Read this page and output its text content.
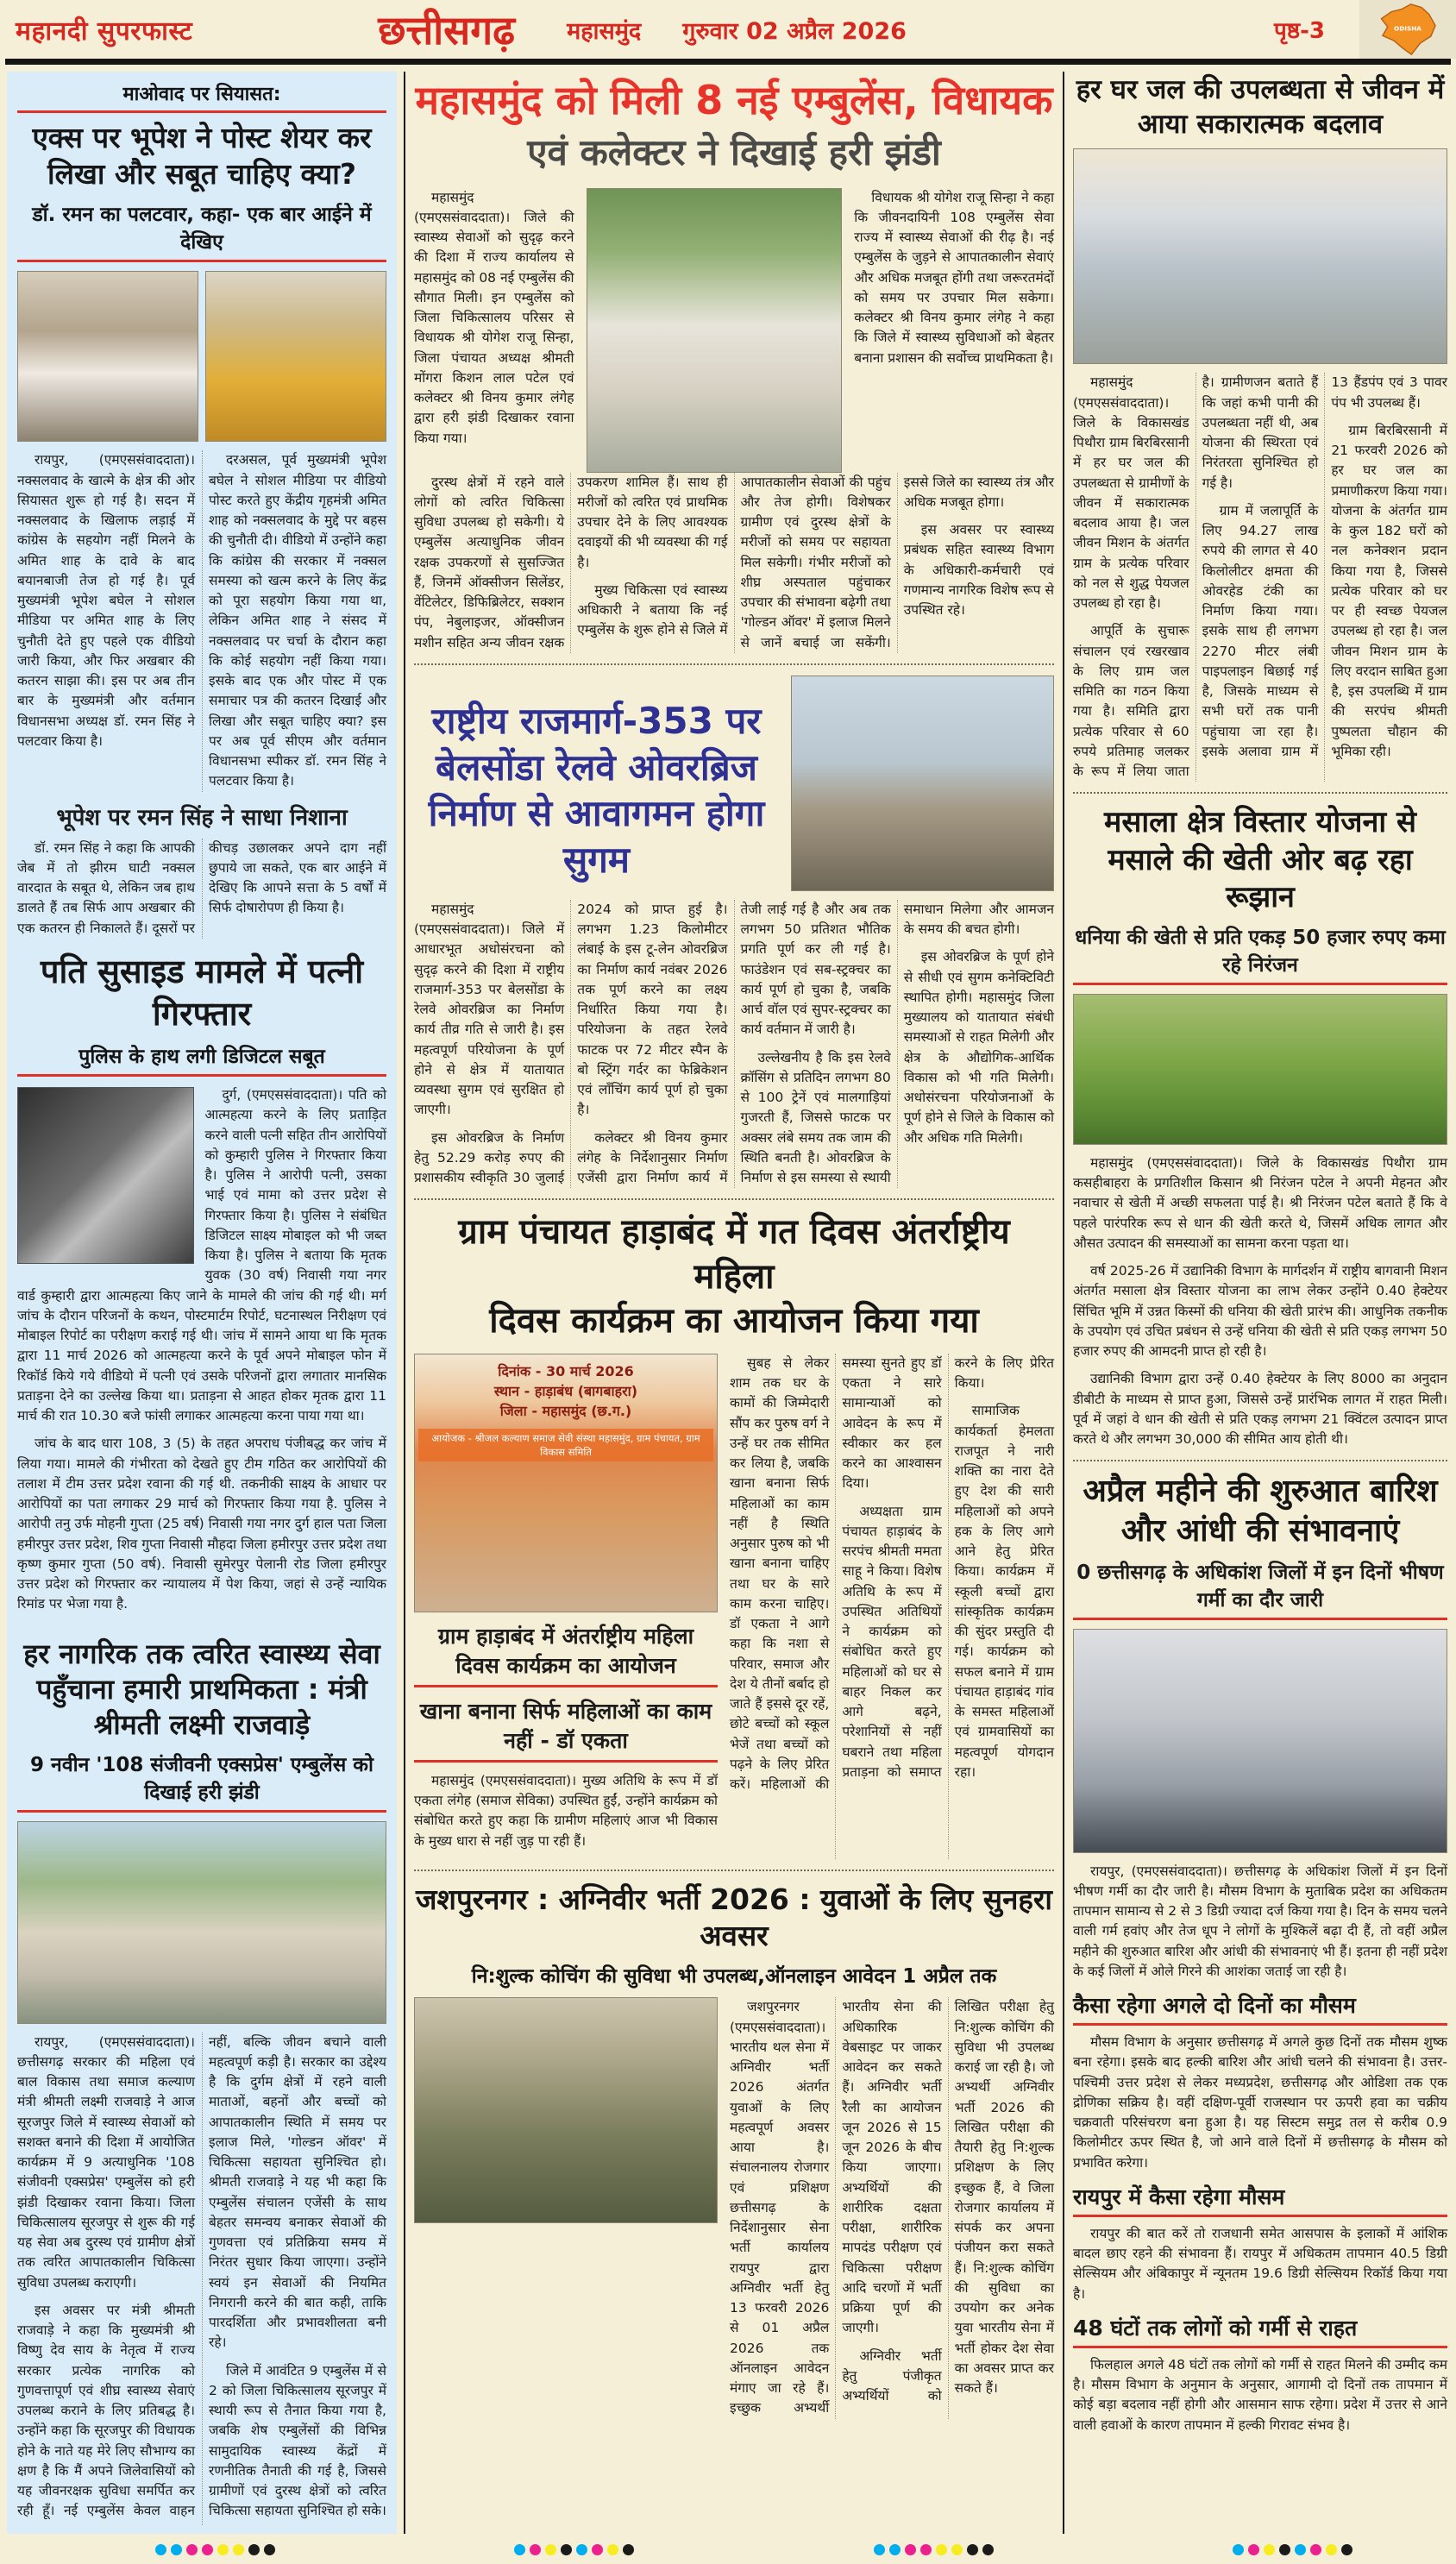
महानदी सुपरफास्ट	छत्तीसगढ़ महासमुंद गुरुवार 02 अप्रैल 2026	पृष्ठ-3	ODISHA
माओवाद पर सियासत:
एक्स पर भूपेश ने पोस्ट शेयर कर लिखा और सबूत चाहिए क्या?
डॉ. रमन का पलटवार, कहा- एक बार आईने में देखिए

रायपुर, (एमएससंवाददाता)। नक्सलवाद के खात्मे के क्षेत्र की ओर सियासत शुरू हो गई है। सदन में नक्सलवाद के खिलाफ लड़ाई में कांग्रेस के सहयोग नहीं मिलने के अमित शाह के दावे के बाद बयानबाजी तेज हो गई है। पूर्व मुख्यमंत्री भूपेश बघेल ने सोशल मीडिया पर अमित शाह के लिए चुनौती देते हुए पहले एक वीडियो जारी किया, और फिर अखबार की कतरन साझा की। इस पर अब तीन बार के मुख्यमंत्री और वर्तमान विधानसभा अध्यक्ष डॉ. रमन सिंह ने पलटवार किया है।

दरअसल, पूर्व मुख्यमंत्री भूपेश बघेल ने सोशल मीडिया पर वीडियो पोस्ट करते हुए केंद्रीय गृहमंत्री अमित शाह को नक्सलवाद के मुद्दे पर बहस की चुनौती दी। वीडियो में उन्होंने कहा कि कांग्रेस की सरकार में नक्सल समस्या को खत्म करने के लिए केंद्र को पूरा सहयोग किया गया था, लेकिन अमित शाह ने संसद में नक्सलवाद पर चर्चा के दौरान कहा कि कोई सहयोग नहीं किया गया। इसके बाद एक और पोस्ट में एक समाचार पत्र की कतरन दिखाई और लिखा और सबूत चाहिए क्या? इस पर अब पूर्व सीएम और वर्तमान विधानसभा स्पीकर डॉ. रमन सिंह ने पलटवार किया है।

भूपेश पर रमन सिंह ने साधा निशाना

डॉ. रमन सिंह ने कहा कि आपकी जेब में तो झीरम घाटी नक्सल वारदात के सबूत थे, लेकिन जब हाथ डालते हैं तब सिर्फ आप अखबार की एक कतरन ही निकालते हैं। दूसरों पर कीचड़ उछालकर अपने दाग नहीं छुपाये जा सकते, एक बार आईने में देखिए कि आपने सत्ता के 5 वर्षों में सिर्फ दोषारोपण ही किया है।

पति सुसाइड मामले में पत्नी गिरफ्तार
पुलिस के हाथ लगी डिजिटल सबूत

दुर्ग, (एमएससंवाददाता)। पति को आत्महत्या करने के लिए प्रताड़ित करने वाली पत्नी सहित तीन आरोपियों को कुम्हारी पुलिस ने गिरफ्तार किया है। पुलिस ने आरोपी पत्नी, उसका भाई एवं मामा को उत्तर प्रदेश से गिरफ्तार किया है। पुलिस ने संबंधित डिजिटल साक्ष्य मोबाइल को भी जब्त किया है। पुलिस ने बताया कि मृतक युवक (30 वर्ष) निवासी गया नगर वार्ड कुम्हारी द्वारा आत्महत्या किए जाने के मामले की जांच की गई थी। मर्ग जांच के दौरान परिजनों के कथन, पोस्टमार्टम रिपोर्ट, घटनास्थल निरीक्षण एवं मोबाइल रिपोर्ट का परीक्षण कराई गई थी। जांच में सामने आया था कि मृतक द्वारा 11 मार्च 2026 को आत्महत्या करने के पूर्व अपने मोबाइल फोन में रिकॉर्ड किये गये वीडियो में पत्नी एवं उसके परिजनों द्वारा लगातार मानसिक प्रताड़ना देने का उल्लेख किया था। प्रताड़ना से आहत होकर मृतक द्वारा 11 मार्च की रात 10.30 बजे फांसी लगाकर आत्महत्या करना पाया गया था।

जांच के बाद धारा 108, 3 (5) के तहत अपराध पंजीबद्ध कर जांच में लिया गया। मामले की गंभीरता को देखते हुए टीम गठित कर आरोपियों की तलाश में टीम उत्तर प्रदेश रवाना की गई थी. तकनीकी साक्ष्य के आधार पर आरोपियों का पता लगाकर 29 मार्च को गिरफ्तार किया गया है. पुलिस ने आरोपी तनु उर्फ मोहनी गुप्ता (25 वर्ष) निवासी गया नगर दुर्ग हाल पता जिला हमीरपुर उत्तर प्रदेश, शिव गुप्ता निवासी मौहदा जिला हमीरपुर उत्तर प्रदेश तथा कृष्ण कुमार गुप्ता (50 वर्ष). निवासी सुमेरपुर पेलानी रोड जिला हमीरपुर उत्तर प्रदेश को गिरफ्तार कर न्यायालय में पेश किया, जहां से उन्हें न्यायिक रिमांड पर भेजा गया है.

हर नागरिक तक त्वरित स्वास्थ्य सेवा पहुँचाना हमारी प्राथमिकता : मंत्री श्रीमती लक्ष्मी राजवाड़े
9 नवीन '108 संजीवनी एक्सप्रेस' एम्बुलेंस को दिखाई हरी झंडी

रायपुर, (एमएससंवाददाता)। छत्तीसगढ़ सरकार की महिला एवं बाल विकास तथा समाज कल्याण मंत्री श्रीमती लक्ष्मी राजवाड़े ने आज सूरजपुर जिले में स्वास्थ्य सेवाओं को सशक्त बनाने की दिशा में आयोजित कार्यक्रम में 9 अत्याधुनिक '108 संजीवनी एक्सप्रेस' एम्बुलेंस को हरी झंडी दिखाकर रवाना किया। जिला चिकित्सालय सूरजपुर से शुरू की गई यह सेवा अब दुरस्थ एवं ग्रामीण क्षेत्रों तक त्वरित आपातकालीन चिकित्सा सुविधा उपलब्ध कराएगी।

इस अवसर पर मंत्री श्रीमती राजवाड़े ने कहा कि मुख्यमंत्री श्री विष्णु देव साय के नेतृत्व में राज्य सरकार प्रत्येक नागरिक को गुणवत्तापूर्ण एवं शीघ्र स्वास्थ्य सेवाएं उपलब्ध कराने के लिए प्रतिबद्ध है। उन्होंने कहा कि सूरजपुर की विधायक होने के नाते यह मेरे लिए सौभाग्य का क्षण है कि मैं अपने जिलेवासियों को यह जीवनरक्षक सुविधा समर्पित कर रही हूँ। नई एम्बुलेंस केवल वाहन नहीं, बल्कि जीवन बचाने वाली महत्वपूर्ण कड़ी है। सरकार का उद्देश्य है कि दुर्गम क्षेत्रों में रहने वाली माताओं, बहनों और बच्चों को आपातकालीन स्थिति में समय पर इलाज मिले, 'गोल्डन ऑवर' में चिकित्सा सहायता सुनिश्चित हो। श्रीमती राजवाड़े ने यह भी कहा कि एम्बुलेंस संचालन एजेंसी के साथ बेहतर समन्वय बनाकर सेवाओं की गुणवत्ता एवं प्रतिक्रिया समय में निरंतर सुधार किया जाएगा। उन्होंने स्वयं इन सेवाओं की नियमित निगरानी करने की बात कही, ताकि पारदर्शिता और प्रभावशीलता बनी रहे।

जिले में आवंटित 9 एम्बुलेंस में से 2 को जिला चिकित्सालय सूरजपुर में स्थायी रूप से तैनात किया गया है, जबकि शेष एम्बुलेंसों की विभिन्न सामुदायिक स्वास्थ्य केंद्रों में रणनीतिक तैनाती की गई है, जिससे ग्रामीणों एवं दुरस्थ क्षेत्रों को त्वरित चिकित्सा सहायता सुनिश्चित हो सके।

महासमुंद को मिली 8 नई एम्बुलेंस, विधायक
एवं कलेक्टर ने दिखाई हरी झंडी

महासमुंद (एमएससंवाददाता)। जिले की स्वास्थ्य सेवाओं को सुदृढ़ करने की दिशा में राज्य कार्यालय से महासमुंद को 08 नई एम्बुलेंस की सौगात मिली। इन एम्बुलेंस को जिला चिकित्सालय परिसर से विधायक श्री योगेश राजू सिन्हा, जिला पंचायत अध्यक्ष श्रीमती मोंगरा किशन लाल पटेल एवं कलेक्टर श्री विनय कुमार लंगेह द्वारा हरी झंडी दिखाकर रवाना किया गया।

विधायक श्री योगेश राजू सिन्हा ने कहा कि जीवनदायिनी 108 एम्बुलेंस सेवा राज्य में स्वास्थ्य सेवाओं की रीढ़ है। नई एम्बुलेंस के जुड़ने से आपातकालीन सेवाएं और अधिक मजबूत होंगी तथा जरूरतमंदों को समय पर उपचार मिल सकेगा। कलेक्टर श्री विनय कुमार लंगेह ने कहा कि जिले में स्वास्थ्य सुविधाओं को बेहतर बनाना प्रशासन की सर्वोच्च प्राथमिकता है।

दुरस्थ क्षेत्रों में रहने वाले लोगों को त्वरित चिकित्सा सुविधा उपलब्ध हो सकेगी। ये एम्बुलेंस अत्याधुनिक जीवन रक्षक उपकरणों से सुसज्जित हैं, जिनमें ऑक्सीजन सिलेंडर, वेंटिलेटर, डिफिब्रिलेटर, सक्शन पंप, नेबुलाइजर, ऑक्सीजन मशीन सहित अन्य जीवन रक्षक उपकरण शामिल हैं। साथ ही मरीजों को त्वरित एवं प्राथमिक उपचार देने के लिए आवश्यक दवाइयों की भी व्यवस्था की गई है।

मुख्य चिकित्सा एवं स्वास्थ्य अधिकारी ने बताया कि नई एम्बुलेंस के शुरू होने से जिले में आपातकालीन सेवाओं की पहुंच और तेज होगी। विशेषकर ग्रामीण एवं दुरस्थ क्षेत्रों के मरीजों को समय पर सहायता मिल सकेगी। गंभीर मरीजों को शीघ्र अस्पताल पहुंचाकर उपचार की संभावना बढ़ेगी तथा 'गोल्डन ऑवर' में इलाज मिलने से जानें बचाई जा सकेंगी। इससे जिले का स्वास्थ्य तंत्र और अधिक मजबूत होगा।

इस अवसर पर स्वास्थ्य प्रबंधक सहित स्वास्थ्य विभाग के अधिकारी-कर्मचारी एवं गणमान्य नागरिक विशेष रूप से उपस्थित रहे।

राष्ट्रीय राजमार्ग-353 पर बेलसोंडा रेलवे ओवरब्रिज
निर्माण से आवागमन होगा सुगम

महासमुंद (एमएससंवाददाता)। जिले में आधारभूत अधोसंरचना को सुदृढ़ करने की दिशा में राष्ट्रीय राजमार्ग-353 पर बेलसोंडा के रेलवे ओवरब्रिज का निर्माण कार्य तीव्र गति से जारी है। इस महत्वपूर्ण परियोजना के पूर्ण होने से क्षेत्र में यातायात व्यवस्था सुगम एवं सुरक्षित हो जाएगी।

इस ओवरब्रिज के निर्माण हेतु 52.29 करोड़ रुपए की प्रशासकीय स्वीकृति 30 जुलाई 2024 को प्राप्त हुई है। लगभग 1.23 किलोमीटर लंबाई के इस टू-लेन ओवरब्रिज का निर्माण कार्य नवंबर 2026 तक पूर्ण करने का लक्ष्य निर्धारित किया गया है। परियोजना के तहत रेलवे फाटक पर 72 मीटर स्पैन के बो स्ट्रिंग गर्दर का फेब्रिकेशन एवं लाँचिंग कार्य पूर्ण हो चुका है।

कलेक्टर श्री विनय कुमार लंगेह के निर्देशानुसार निर्माण एजेंसी द्वारा निर्माण कार्य में तेजी लाई गई है और अब तक लगभग 50 प्रतिशत भौतिक प्रगति पूर्ण कर ली गई है। फाउंडेशन एवं सब-स्ट्रक्चर का कार्य पूर्ण हो चुका है, जबकि आर्च वॉल एवं सुपर-स्ट्रक्चर का कार्य वर्तमान में जारी है।

उल्लेखनीय है कि इस रेलवे क्रॉसिंग से प्रतिदिन लगभग 80 से 100 ट्रेनें एवं मालगाड़ियां गुजरती हैं, जिससे फाटक पर अक्सर लंबे समय तक जाम की स्थिति बनती है। ओवरब्रिज के निर्माण से इस समस्या से स्थायी समाधान मिलेगा और आमजन के समय की बचत होगी।

इस ओवरब्रिज के पूर्ण होने से सीधी एवं सुगम कनेक्टिविटी स्थापित होगी। महासमुंद जिला मुख्यालय को यातायात संबंधी समस्याओं से राहत मिलेगी और क्षेत्र के औद्योगिक-आर्थिक विकास को भी गति मिलेगी। अधोसंरचना परियोजनाओं के पूर्ण होने से जिले के विकास को और अधिक गति मिलेगी।

ग्राम पंचायत हाड़ाबंद में गत दिवस अंतर्राष्ट्रीय महिला
दिवस कार्यक्रम का आयोजन किया गया
दिनांक - 30 मार्च 2026
स्थान - हाड़ाबंध (बागबाहरा)
जिला - महासमुंद (छ.ग.)
आयोजक - श्रीजल कल्याण समाज सेवी संस्था महासमुंद, ग्राम पंचायत, ग्राम विकास समिति
ग्राम हाड़ाबंद में अंतर्राष्ट्रीय महिला दिवस कार्यक्रम का आयोजन
खाना बनाना सिर्फ महिलाओं का काम नहीं - डॉ एकता

महासमुंद (एमएससंवाददाता)। मुख्य अतिथि के रूप में डॉ एकता लंगेह (समाज सेविका) उपस्थित हुईं, उन्होंने कार्यक्रम को संबोधित करते हुए कहा कि ग्रामीण महिलाएं आज भी विकास के मुख्य धारा से नहीं जुड़ पा रही हैं।

सुबह से लेकर शाम तक घर के कामों की जिम्मेदारी सौंप कर पुरुष वर्ग ने उन्हें घर तक सीमित कर लिया है, जबकि खाना बनाना सिर्फ महिलाओं का काम नहीं है स्थिति अनुसार पुरुष को भी खाना बनाना चाहिए तथा घर के सारे काम करना चाहिए। डॉ एकता ने आगे कहा कि नशा से परिवार, समाज और देश ये तीनों बर्बाद हो जाते हैं इससे दूर रहें, छोटे बच्चों को स्कूल भेजें तथा बच्चों को पढ़ने के लिए प्रेरित करें। महिलाओं की समस्या सुनते हुए डॉ एकता ने सारे सामान्याओं को आवेदन के रूप में स्वीकार कर हल करने का आश्वासन दिया।

अध्यक्षता ग्राम पंचायत हाड़ाबंद के सरपंच श्रीमती ममता साहू ने किया। विशेष अतिथि के रूप में उपस्थित अतिथियों ने कार्यक्रम को संबोधित करते हुए महिलाओं को घर से बाहर निकल कर आगे बढ़ने, परेशानियों से नहीं घबराने तथा महिला प्रताड़ना को समाप्त करने के लिए प्रेरित किया।

सामाजिक कार्यकर्ता हेमलता राजपूत ने नारी शक्ति का नारा देते हुए देश की सारी महिलाओं को अपने हक के लिए आगे आने हेतु प्रेरित किया। कार्यक्रम में स्कूली बच्चों द्वारा सांस्कृतिक कार्यक्रम की सुंदर प्रस्तुति दी गई। कार्यक्रम को सफल बनाने में ग्राम पंचायत हाड़ाबंद गांव के समस्त महिलाओं एवं ग्रामवासियों का महत्वपूर्ण योगदान रहा।

जशपुरनगर : अग्निवीर भर्ती 2026 : युवाओं के लिए सुनहरा अवसर
नि:शुल्क कोचिंग की सुविधा भी उपलब्ध,ऑनलाइन आवेदन 1 अप्रैल तक

जशपुरनगर (एमएससंवाददाता)। भारतीय थल सेना में अग्निवीर भर्ती 2026 अंतर्गत युवाओं के लिए महत्वपूर्ण अवसर आया है। संचालनालय रोजगार एवं प्रशिक्षण छत्तीसगढ़ के निर्देशानुसार सेना भर्ती कार्यालय रायपुर द्वारा अग्निवीर भर्ती हेतु 13 फरवरी 2026 से 01 अप्रैल 2026 तक ऑनलाइन आवेदन मंगाए जा रहे हैं। इच्छुक अभ्यर्थी भारतीय सेना की अधिकारिक वेबसाइट पर जाकर आवेदन कर सकते हैं। अग्निवीर भर्ती रैली का आयोजन जून 2026 से 15 जून 2026 के बीच किया जाएगा। अभ्यर्थियों की शारीरिक दक्षता परीक्षा, शारीरिक मापदंड परीक्षण एवं चिकित्सा परीक्षण आदि चरणों में भर्ती प्रक्रिया पूर्ण की जाएगी।

अग्निवीर भर्ती हेतु पंजीकृत अभ्यर्थियों को लिखित परीक्षा हेतु नि:शुल्क कोचिंग की सुविधा भी उपलब्ध कराई जा रही है। जो अभ्यर्थी अग्निवीर भर्ती 2026 की लिखित परीक्षा की तैयारी हेतु नि:शुल्क प्रशिक्षण के लिए इच्छुक हैं, वे जिला रोजगार कार्यालय में संपर्क कर अपना पंजीयन करा सकते हैं। नि:शुल्क कोचिंग की सुविधा का उपयोग कर अनेक युवा भारतीय सेना में भर्ती होकर देश सेवा का अवसर प्राप्त कर सकते हैं।

हर घर जल की उपलब्धता से जीवन में आया सकारात्मक बदलाव

महासमुंद (एमएससंवाददाता)। जिले के विकासखंड पिथौरा ग्राम बिरबिरसानी में हर घर जल की उपलब्धता से ग्रामीणों के जीवन में सकारात्मक बदलाव आया है। जल जीवन मिशन के अंतर्गत ग्राम के प्रत्येक परिवार को नल से शुद्ध पेयजल उपलब्ध हो रहा है।

आपूर्ति के सुचारू संचालन एवं रखरखाव के लिए ग्राम जल समिति का गठन किया गया है। समिति द्वारा प्रत्येक परिवार से 60 रुपये प्रतिमाह जलकर के रूप में लिया जाता है। ग्रामीणजन बताते हैं कि जहां कभी पानी की उपलब्धता नहीं थी, अब योजना की स्थिरता एवं निरंतरता सुनिश्चित हो गई है।

ग्राम में जलापूर्ति के लिए 94.27 लाख रुपये की लागत से 40 किलोलीटर क्षमता की ओवरहेड टंकी का निर्माण किया गया। इसके साथ ही लगभग 2270 मीटर लंबी पाइपलाइन बिछाई गई है, जिसके माध्यम से सभी घरों तक पानी पहुंचाया जा रहा है। इसके अलावा ग्राम में 13 हैंडपंप एवं 3 पावर पंप भी उपलब्ध हैं।

ग्राम बिरबिरसानी में 21 फरवरी 2026 को हर घर जल का प्रमाणीकरण किया गया। योजना के अंतर्गत ग्राम के कुल 182 घरों को नल कनेक्शन प्रदान किया गया है, जिससे प्रत्येक परिवार को घर पर ही स्वच्छ पेयजल उपलब्ध हो रहा है। जल जीवन मिशन ग्राम के लिए वरदान साबित हुआ है, इस उपलब्धि में ग्राम की सरपंच श्रीमती पुष्पलता चौहान की भूमिका रही।

मसाला क्षेत्र विस्तार योजना से मसाले की खेती ओर बढ़ रहा रूझान
धनिया की खेती से प्रति एकड़ 50 हजार रुपए कमा रहे निरंजन

महासमुंद (एमएससंवाददाता)। जिले के विकासखंड पिथौरा ग्राम कसहीबाहरा के प्रगतिशील किसान श्री निरंजन पटेल ने अपनी मेहनत और नवाचार से खेती में अच्छी सफलता पाई है। श्री निरंजन पटेल बताते हैं कि वे पहले पारंपरिक रूप से धान की खेती करते थे, जिसमें अधिक लागत और औसत उत्पादन की समस्याओं का सामना करना पड़ता था।

वर्ष 2025-26 में उद्यानिकी विभाग के मार्गदर्शन में राष्ट्रीय बागवानी मिशन अंतर्गत मसाला क्षेत्र विस्तार योजना का लाभ लेकर उन्होंने 0.40 हेक्टेयर सिंचित भूमि में उन्नत किस्मों की धनिया की खेती प्रारंभ की। आधुनिक तकनीक के उपयोग एवं उचित प्रबंधन से उन्हें धनिया की खेती से प्रति एकड़ लगभग 50 हजार रुपए की आमदनी प्राप्त हो रही है।

उद्यानिकी विभाग द्वारा उन्हें 0.40 हेक्टेयर के लिए 8000 का अनुदान डीबीटी के माध्यम से प्राप्त हुआ, जिससे उन्हें प्रारंभिक लागत में राहत मिली। पूर्व में जहां वे धान की खेती से प्रति एकड़ लगभग 21 क्विंटल उत्पादन प्राप्त करते थे और लगभग 30,000 की सीमित आय होती थी।

अप्रैल महीने की शुरुआत बारिश और आंधी की संभावनाएं
0 छत्तीसगढ़ के अधिकांश जिलों में इन दिनों भीषण गर्मी का दौर जारी

रायपुर, (एमएससंवाददाता)। छत्तीसगढ़ के अधिकांश जिलों में इन दिनों भीषण गर्मी का दौर जारी है। मौसम विभाग के मुताबिक प्रदेश का अधिकतम तापमान सामान्य से 2 से 3 डिग्री ज्यादा दर्ज किया गया है। दिन के समय चलने वाली गर्म हवांए और तेज धूप ने लोगों के मुश्किलें बढ़ा दी हैं, तो वहीं अप्रैल महीने की शुरुआत बारिश और आंधी की संभावनाएं भी हैं। इतना ही नहीं प्रदेश के कई जिलों में ओले गिरने की आशंका जताई जा रही है।

कैसा रहेगा अगले दो दिनों का मौसम

मौसम विभाग के अनुसार छत्तीसगढ़ में अगले कुछ दिनों तक मौसम शुष्क बना रहेगा। इसके बाद हल्की बारिश और आंधी चलने की संभावना है। उत्तर-पश्चिमी उत्तर प्रदेश से लेकर मध्यप्रदेश, छत्तीसगढ़ और ओडिशा तक एक द्रोणिका सक्रिय है। वहीं दक्षिण-पूर्वी राजस्थान पर ऊपरी हवा का चक्रीय चक्रवाती परिसंचरण बना हुआ है। यह सिस्टम समुद्र तल से करीब 0.9 किलोमीटर ऊपर स्थित है, जो आने वाले दिनों में छत्तीसगढ़ के मौसम को प्रभावित करेगा।

रायपुर में कैसा रहेगा मौसम

रायपुर की बात करें तो राजधानी समेत आसपास के इलाकों में आंशिक बादल छाए रहने की संभावना हैं। रायपुर में अधिकतम तापमान 40.5 डिग्री सेल्सियम और अंबिकापुर में न्यूनतम 19.6 डिग्री सेल्सियम रिकॉर्ड किया गया है।

48 घंटों तक लोगों को गर्मी से राहत

फिलहाल अगले 48 घंटों तक लोगों को गर्मी से राहत मिलने की उम्मीद कम है। मौसम विभाग के अनुमान के अनुसार, आगामी दो दिनों तक तापमान में कोई बड़ा बदलाव नहीं होगी और आसमान साफ रहेगा। प्रदेश में उत्तर से आने वाली हवाओं के कारण तापमान में हल्की गिरावट संभव है।
